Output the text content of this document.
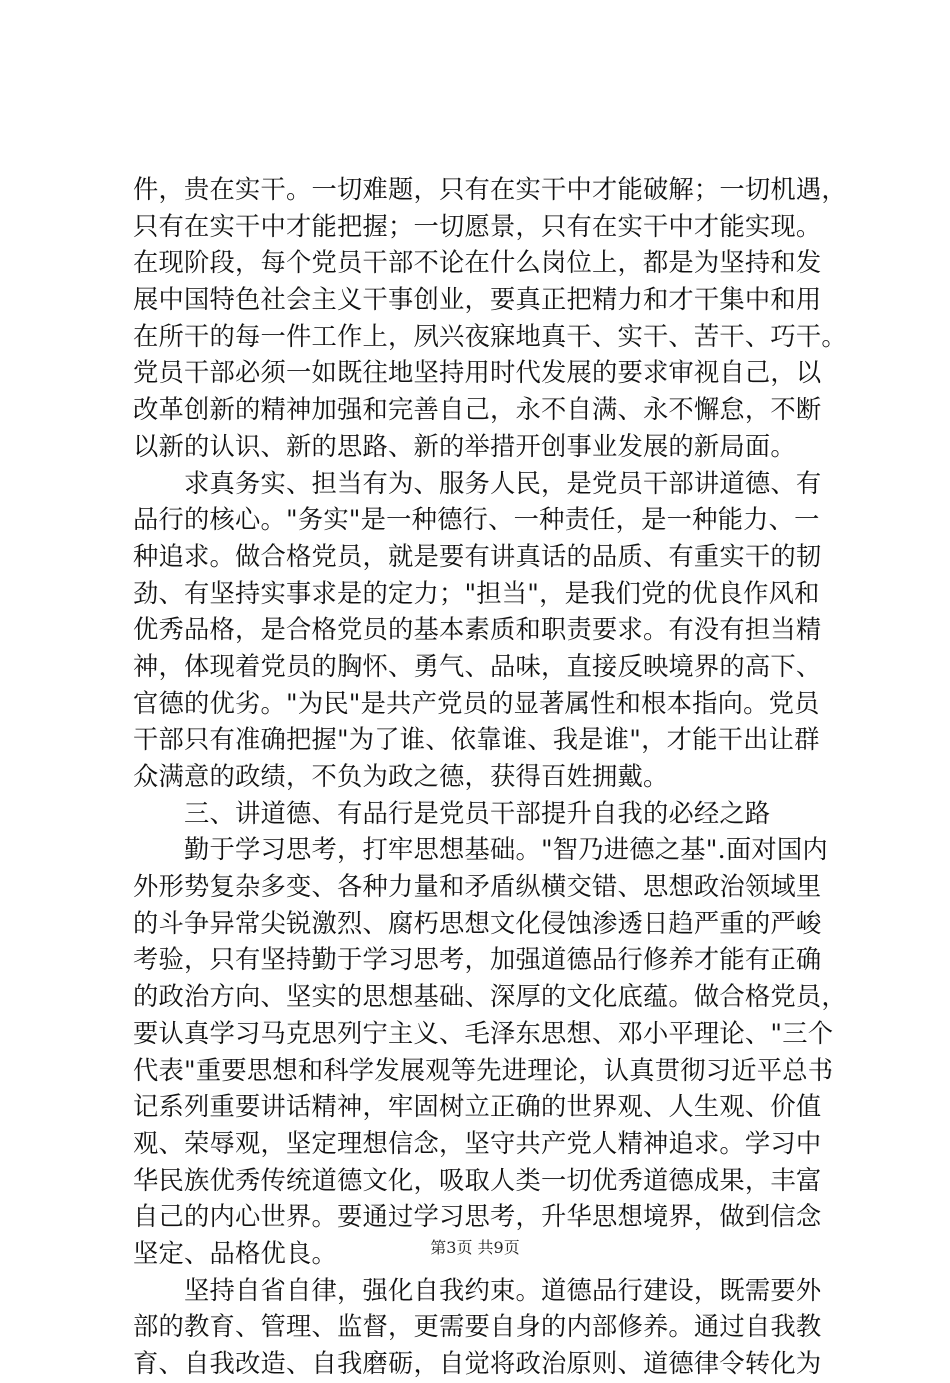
件，贵在实干。一切难题，只有在实干中才能破解；一切机遇，
只有在实干中才能把握；一切愿景，只有在实干中才能实现。
在现阶段，每个党员干部不论在什么岗位上，都是为坚持和发
展中国特色社会主义干事创业，要真正把精力和才干集中和用
在所干的每一件工作上，夙兴夜寐地真干、实干、苦干、巧干。
党员干部必须一如既往地坚持用时代发展的要求审视自己，以
改革创新的精神加强和完善自己，永不自满、永不懈怠，不断
以新的认识、新的思路、新的举措开创事业发展的新局面。
　　求真务实、担当有为、服务人民，是党员干部讲道德、有
品行的核心。"务实"是一种德行、一种责任，是一种能力、一
种追求。做合格党员，就是要有讲真话的品质、有重实干的韧
劲、有坚持实事求是的定力；"担当"，是我们党的优良作风和
优秀品格，是合格党员的基本素质和职责要求。有没有担当精
神，体现着党员的胸怀、勇气、品味，直接反映境界的高下、
官德的优劣。"为民"是共产党员的显著属性和根本指向。党员
干部只有准确把握"为了谁、依靠谁、我是谁"，才能干出让群
众满意的政绩，不负为政之德，获得百姓拥戴。
　　三、讲道德、有品行是党员干部提升自我的必经之路
　　勤于学习思考，打牢思想基础。"智乃进德之基".面对国内
外形势复杂多变、各种力量和矛盾纵横交错、思想政治领域里
的斗争异常尖锐激烈、腐朽思想文化侵蚀渗透日趋严重的严峻
考验，只有坚持勤于学习思考，加强道德品行修养才能有正确
的政治方向、坚实的思想基础、深厚的文化底蕴。做合格党员，
要认真学习马克思列宁主义、毛泽东思想、邓小平理论、"三个
代表"重要思想和科学发展观等先进理论，认真贯彻习近平总书
记系列重要讲话精神，牢固树立正确的世界观、人生观、价值
观、荣辱观，坚定理想信念，坚守共产党人精神追求。学习中
华民族优秀传统道德文化，吸取人类一切优秀道德成果，丰富
自己的内心世界。要通过学习思考，升华思想境界，做到信念
坚定、品格优良。
　　坚持自省自律，强化自我约束。道德品行建设，既需要外
部的教育、管理、监督，更需要自身的内部修养。通过自我教
育、自我改造、自我磨砺，自觉将政治原则、道德律令转化为
第3页 共9页
